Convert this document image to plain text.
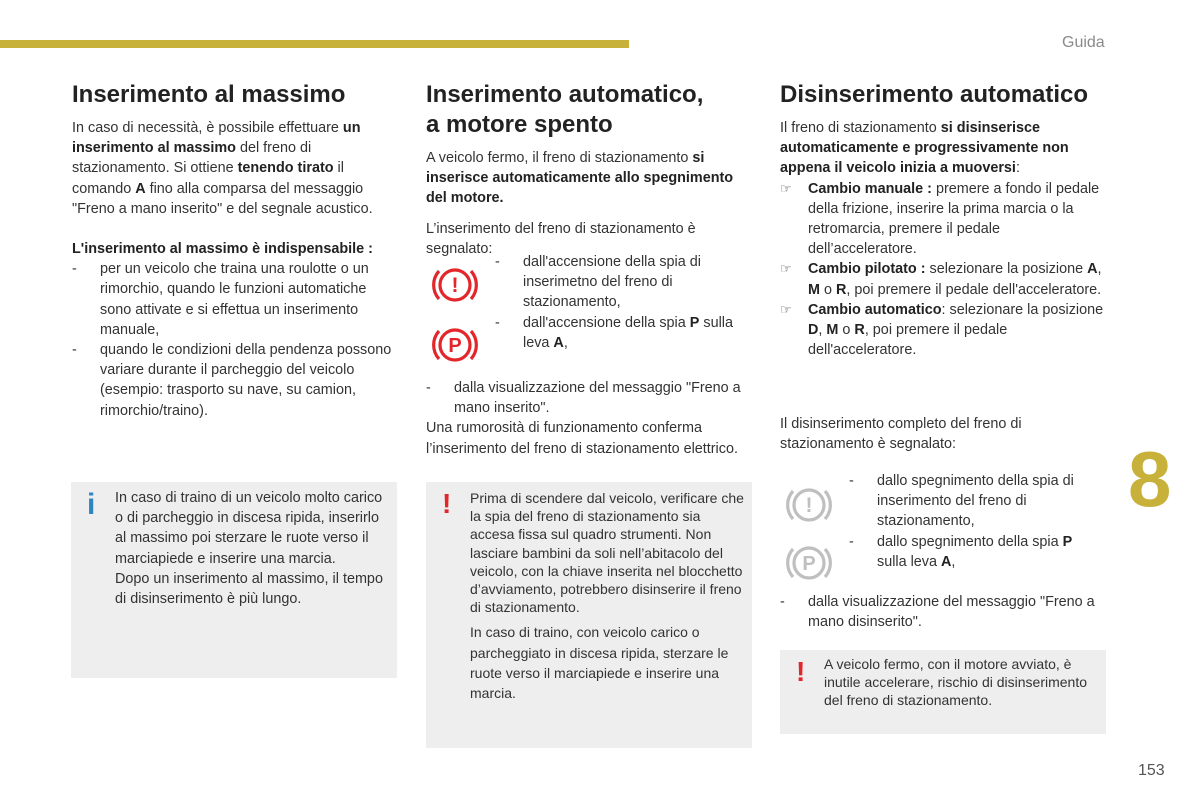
Guida
8
153
Inserimento al massimo

In caso di necessità, è possibile effettuare un inserimento al massimo del freno di stazionamento. Si ottiene tenendo tirato il comando A fino alla comparsa del messaggio "Freno a mano inserito" e del segnale acustico.

L'inserimento al massimo è indispensabile :

- per un veicolo che traina una roulotte o un rimorchio, quando le funzioni automatiche sono attivate e si effettua un inserimento manuale,
- quando le condizioni della pendenza possono variare durante il parcheggio del veicolo (esempio: trasporto su nave, su camion, rimorchio/traino).
i In caso di traino di un veicolo molto carico o di parcheggio in discesa ripida, inserirlo al massimo poi sterzare le ruote verso il marciapiede e inserire una marcia.

Dopo un inserimento al massimo, il tempo di disinserimento è più lungo.

Inserimento automatico,
a motore spento

A veicolo fermo, il freno di stazionamento si inserisce automaticamente allo spegnimento del motore.

L’inserimento del freno di stazionamento è segnalato:

!
P
- dall'accensione della spia di inserimetno del freno di stazionamento,
- dall'accensione della spia P sulla leva A,
- dalla visualizzazione del messaggio "Freno a mano inserito".

Una rumorosità di funzionamento conferma l’inserimento del freno di stazionamento elettrico.

! Prima di scendere dal veicolo, verificare che la spia del freno di stazionamento sia accesa fissa sul quadro strumenti. Non lasciare bambini da soli nell’abitacolo del veicolo, con la chiave inserita nel blocchetto d’avviamento, potrebbero disinserire il freno di stazionamento.

In caso di traino, con veicolo carico o parcheggiato in discesa ripida, sterzare le ruote verso il marciapiede e inserire una marcia.

Disinserimento automatico

Il freno di stazionamento si disinserisce automaticamente e progressivamente non appena il veicolo inizia a muoversi:

☞ Cambio manuale : premere a fondo il pedale della frizione, inserire la prima marcia o la retromarcia, premere il pedale dell’acceleratore.
☞ Cambio pilotato : selezionare la posizione A, M o R, poi premere il pedale dell'acceleratore.
☞ Cambio automatico: selezionare la posizione D, M o R, poi premere il pedale dell'acceleratore.

Il disinserimento completo del freno di stazionamento è segnalato:

!
P
- dallo spegnimento della spia di inserimento del freno di stazionamento,
- dallo spegnimento della spia P sulla leva A,
- dalla visualizzazione del messaggio "Freno a mano disinserito".
! A veicolo fermo, con il motore avviato, è inutile accelerare, rischio di disinserimento del freno di stazionamento.
